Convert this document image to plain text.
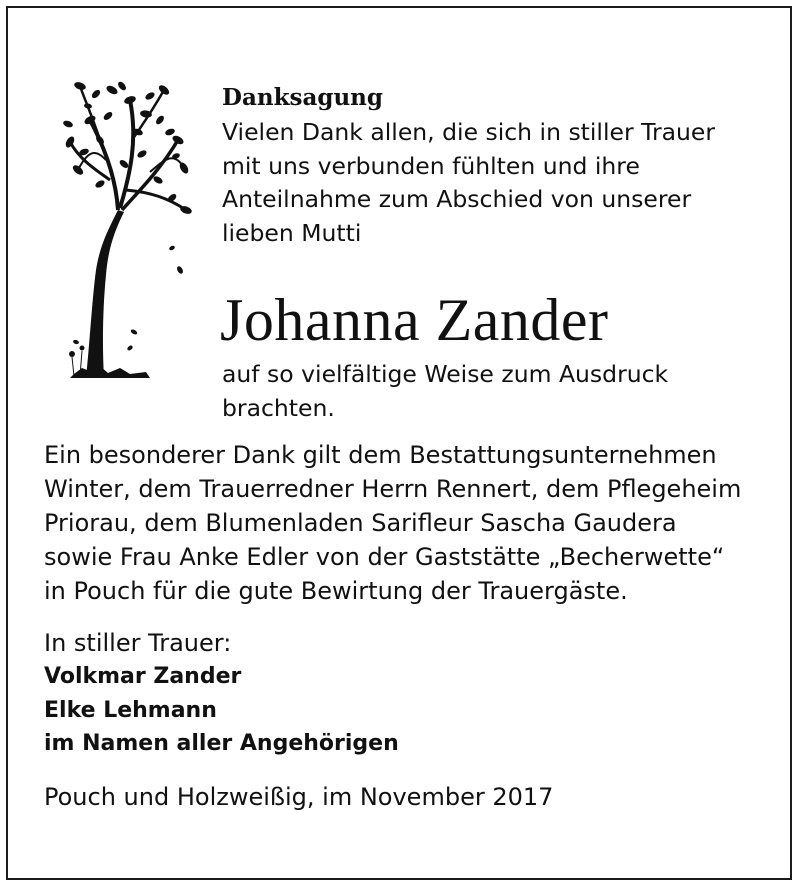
Danksagung

Vielen Dank allen, die sich in stiller Trauer
mit uns verbunden fühlten und ihre
Anteilnahme zum Abschied von unserer
lieben Mutti

Johanna Zander
auf so vielfältige Weise zum Ausdruck
brachten.
Ein besonderer Dank gilt dem Bestattungsunternehmen
Winter, dem Trauerredner Herrn Rennert, dem Pflegeheim
Priorau, dem Blumenladen Sarifleur Sascha Gaudera
sowie Frau Anke Edler von der Gaststätte „Becherwette“
in Pouch für die gute Bewirtung der Trauergäste.
In stiller Trauer:
Volkmar Zander
Elke Lehmann
im Namen aller Angehörigen
Pouch und Holzweißig, im November 2017
